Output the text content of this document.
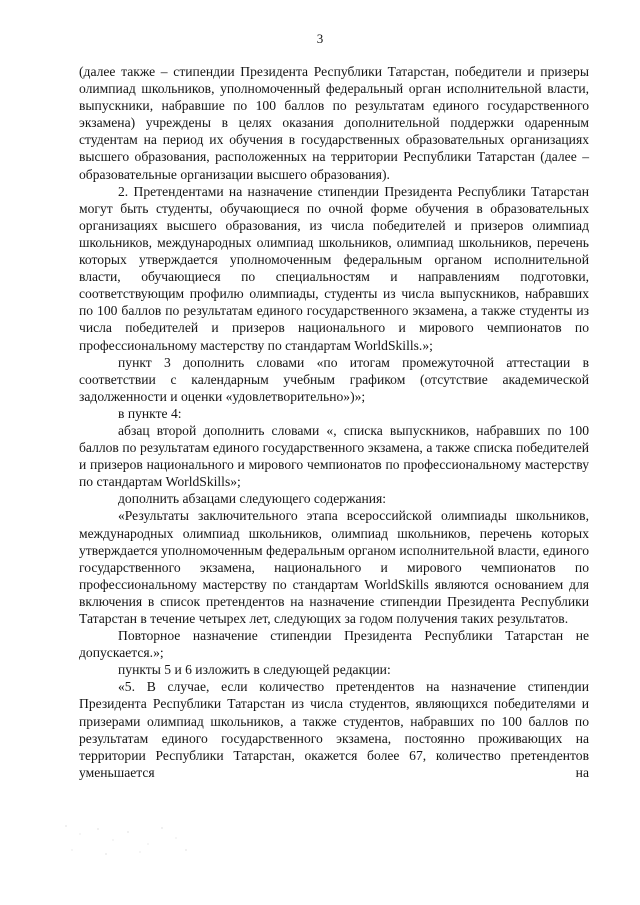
3

(далее также – стипендии Президента Республики Татарстан, победители и призеры олимпиад школьников, уполномоченный федеральный орган исполнительной власти, выпускники, набравшие по 100 баллов по результатам единого государственного экзамена) учреждены в целях оказания дополнительной поддержки одаренным студентам на период их обучения в государственных образовательных организациях высшего образования, расположенных на территории Республики Татарстан (далее – образовательные организации высшего образования).

2. Претендентами на назначение стипендии Президента Республики Татарстан могут быть студенты, обучающиеся по очной форме обучения в образовательных организациях высшего образования, из числа победителей и призеров олимпиад школьников, международных олимпиад школьников, олимпиад школьников, перечень которых утверждается уполномоченным федеральным органом исполнительной власти, обучающиеся по специальностям и направлениям подготовки, соответствующим профилю олимпиады, студенты из числа выпускников, набравших по 100 баллов по результатам единого государственного экзамена, а также студенты из числа победителей и призеров национального и мирового чемпионатов по профессиональному мастерству по стандартам WorldSkills.»;

пункт 3 дополнить словами «по итогам промежуточной аттестации в соответствии с календарным учебным графиком (отсутствие академической задолженности и оценки «удовлетворительно»)»;

в пункте 4:

абзац второй дополнить словами «, списка выпускников, набравших по 100 баллов по результатам единого государственного экзамена, а также списка победителей и призеров национального и мирового чемпионатов по профессиональному мастерству по стандартам WorldSkills»;

дополнить абзацами следующего содержания:

«Результаты заключительного этапа всероссийской олимпиады школьников, международных олимпиад школьников, олимпиад школьников, перечень которых утверждается уполномоченным федеральным органом исполнительной власти, единого государственного экзамена, национального и мирового чемпионатов по профессиональному мастерству по стандартам WorldSkills являются основанием для включения в список претендентов на назначение стипендии Президента Республики Татарстан в течение четырех лет, следующих за годом получения таких результатов.

Повторное назначение стипендии Президента Республики Татарстан не допускается.»;

пункты 5 и 6 изложить в следующей редакции:

«5. В случае, если количество претендентов на назначение стипендии Президента Республики Татарстан из числа студентов, являющихся победителями и призерами олимпиад школьников, а также студентов, набравших по 100 баллов по результатам единого государственного экзамена, постоянно проживающих на территории Республики Татарстан, окажется более 67, количество претендентов уменьшается на
